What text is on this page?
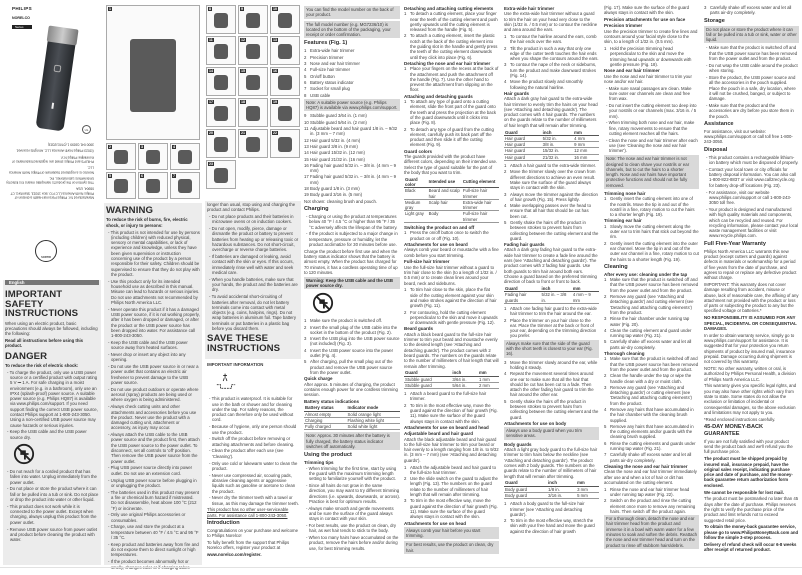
PHILIPS
NORELCO
Series
UL
Manufactured for: Philips Personal Health a division of Philips North America LLC P.O. Box 10313, Stamford, CT 06904, USA
This symbol on the product's nameplate means it is listed by Underwriters Laboratories, Inc.
Norelco is a registered trademark of Philips North America LLC.
PHILIPS and Philips shield are registered trademarks of Koninklijke Philips N.V.
©2023 Philips North America LLC. All rights reserved.
3000 041 02699 1 (07/01/2023)
SORTIR
1
2	3	4
5	6	7
8	9	10
11	12	13
14	15	16
17	18	19
20	21	22
23
English
IMPORTANT SAFETY INSTRUCTIONS
When using an electric product, basic precautions should always be followed, including the following:
Read all instructions before using this product.
DANGER
To reduce the risk of electric shock:
- To charge the product, only use a USB power source or a certified product with output rating 5 V ⎓ 1 A. For safe charging in a moist environment (e.g. in a bathroom), only use an IPX4 (splash-proof) power source. A suitable power source (e.g. Philips HQ87) is available via www.philips.com/support. If you need support finding the correct USB power source, contact Philips support at 1-800-243-3050. Using a non-certified USB power source may cause hazards or serious injuries.
- Keep the USB cable and the USB power source dry.
- Do not reach for a corded product that has fallen into water. Unplug immediately from the power outlet.
- Do not place or store the product where it can fall or be pulled into a tub or sink. Do not place or drop the product into water or other liquid.
- This product does not work while it is connected to the power outlet. Except when charging, always unplug this product from the power outlet.
- Remove USB power source from power outlet and product before cleaning the product with water.
WARNING
To reduce the risk of burns, fire, electric shock, or injury to persons:
- This product is not intended for use by persons (including children) with reduced physical, sensory or mental capabilities, or lack of experience and knowledge, unless they have been given supervision or instruction concerning use of the product by a person responsible for their safety. Children should be supervised to ensure that they do not play with the product.
- Use this product only for its intended household use as described in this manual. Misuse can lead to hazards or serious injuries. Do not use attachments not recommended by Philips North America LLC.
- Never operate this product if it has a damaged USB power source, if it is not working properly, after it has been dropped or damaged, or after the product or the USB power source has been dropped into water. For assistance call 1-800-243-3050.
- Keep the USB cable and the USB power source away from heated surfaces.
- Never drop or insert any object into any opening.
- Do not use the USB power source in or near a power outlet that contains an electric air freshener to prevent damage to the USB power source.
- Do not use product outdoors or operate where aerosol (spray) products are being used or where oxygen is being administered.
- Always check cutting units and other attachments and accessories before you use the product. Never use the product with a damaged cutting unit, attachment or accessory, as injury may occur.
- Always attach the USB cable to the USB power source and the product first, then attach the USB power source to the power outlet. To disconnect, set all controls to 'off' position. Then remove the USB power source from the power outlet.
- Plug USB power source directly into power outlet. Do not use an extension cord.
- Unplug USB power source before plugging in or unplugging the product.
- The batteries used in this product may present a fire or chemical burn hazard if mistreated. Do not disassemble, heat above 100 °C (212 °F) or incinerate.
- Only use original Philips accessories or consumables.
- Charge, use and store the product at a temperature between 40 °F / 4.5 °C and 95 °F / 35 °C.
- Keep product and batteries away from fire and do not expose them to direct sunlight or high temperatures.
- If the product becomes abnormally hot or
longer than usual, stop using and charging the product and contact Philips.
- Do not place products and their batteries in microwave ovens or on induction cookers.
- Do not open, modify, pierce, damage or dismantle the product or battery to prevent batteries from heating up or releasing toxic or hazardous substances. Do not short-circuit, overcharge or reverse charge batteries.
- If batteries are damaged or leaking, avoid contact with the skin or eyes. If this occurs, immediately rinse well with water and seek medical care.
- When you handle batteries, make sure that your hands, the product and the batteries are dry.
- To avoid accidental short-circuiting of batteries after removal, do not let battery terminals come into contact with metal objects (e.g. coins, hairpins, rings). Do not wrap batteries in aluminum foil. Tape battery terminals or put batteries in a plastic bag before you discard them.
SAVE THESE INSTRUCTIONS
IMPORTANT INFORMATION
- This product is waterproof. It is suitable for use in the bath or shower and for cleaning under the tap. For safety reasons, the product can therefore only be used without cord.
- Because of hygiene, only one person should use the product.
- Switch off the product before removing or attaching attachments and before cleaning.
- Clean the product after each use (see 'Cleaning').
- Only use cold or lukewarm water to clean the product.
- Never use compressed air, scouring pads, abrasive cleaning agents or aggressive liquids such as gasoline or acetone to clean the product.
- Never dry the trimmer teeth with a towel or tissue, as this may damage the trimmer teeth.
This product has no other user-serviceable parts. For assistance call 1-800-243-3050.
Introduction
Congratulations on your purchase and welcome to Philips Norelco!
To fully benefit from the support that Philips Norelco offers, register your product at
www.norelco.com/register.
You can find the model number on the back of your product.
The full model number (e.g. MG7236/10) is located on the bottom of the packaging, your receipt or order confirmation.
Features (Fig. 1)
1 Extra-wide hair trimmer
2 Precision trimmer
3 Nose and ear hair trimmer
4 Full-size hair trimmer
5 On/off button
6 Battery status indicator
7 Socket for small plug
8 USB cable
Note: A suitable power source (e.g. Philips HQ87) is available via www.philips.com/support.
9 Stubble guard 3/64 in. (1 mm)
10 Stubble guard 5/64 in. (2 mm)
11 Adjustable beard and hair guard 1/8 in. – 9/32 in. (3 mm – 7 mm)
12 Hair guard 5/32 in. (4 mm)
13 Hair guard 3/8 in. (9 mm)
14 Hair guard 15/32 in. (12 mm)
15 Hair guard 21/32 in. (16 mm)
16 Fading hair guard 5/32 in. – 3/8 in. (4 mm – 9 mm)
17 Fading hair guard 5/32 in. – 3/8 in. (4 mm – 9 mm)
18 Body guard 1/8 in. (3 mm)
19 Body guard 3/16 in. (5 mm)
Not shown: cleaning brush and pouch.
Charging
- Charging or using the product at temperatures below 40 °F / 4.5 °C or higher than 95 °F / 35 °C adversely affects the lifespan of the battery.
- If the product is subjected to a major change in temperature, pressure or humidity, let the product acclimatize for 30 minutes before use.
Charge the product before first use and when the battery status indicator shows that the battery is almost empty. When the product has charged for 70 minutes, it has a cordless operating time of up to 120 minutes.
Warning: Keep the USB cable and the USB power source dry.
1 Make sure the product is switched off.
2 Insert the small plug of the USB cable into the socket in the bottom of the product (Fig. 2).
3 Insert the USB plug into the USB power source (not included) (Fig. 3).
4 Insert the USB power source into the power outlet (Fig. 4).
5 After charging, pull the small plug out of the product and remove the USB power source from the power outlet.
Quick charge
After approx. 5 minutes of charging, the product contains enough power for one cordless trimming session.
Battery status indications
Battery status	Indicator mode
Almost empty	Solid orange light
Charging	Flashing white light
Fully charged	Solid white light
Note: Approx. 30 minutes after the battery is fully charged, the battery status indicator switches off automatically.
Using the product
Trimming tips
- When trimming for the first time, start by using the guard with the maximum trimming length setting to familiarize yourself with the product.
- Since all hairs do not grow in the same direction, you may want to try different trimming directions (i.e. upwards, downwards, or across). Practice is best for optimum results.
- Always make smooth and gentle movements and be sure the surface of the guard always stays in contact with your skin.
- For best results, use the product on clean, dry hair, as wet hair tends to stick to the body.
- When too many hairs have accumulated on the product, remove the hairs before and/or during use, for best trimming results.
Detaching and attaching cutting elements
1 To detach a cutting element, place your finger near the teeth of the cutting element and push gently upwards until the cutting element is released from the handle (Fig. 5).
2 To attach a cutting element, insert the plastic notch at the back of the cutting element into the guiding slot in the handle and gently press the teeth of the cutting element downwards until they click into place (Fig. 6).
Detaching the nose and ear hair trimmer
1 Place your fingers on the recess at the back of the attachment and push the attachment off the handle (Fig. 7). Use the other hand to prevent the attachment from slipping on the floor.
Attaching and detaching guards
1 To attach any type of guard onto a cutting element, slide the front part of the guard onto the teeth and press the projection at the back of the guard downwards until it clicks into place (Fig. 8).
2 To detach any type of guard from the cutting element, carefully push its back part off the product and then slide it off the cutting element (Fig. 9).
Guard colors
The guards provided with the product have different colors, depending on their intended use. Select the type of guard suitable for the part of the body that you want to trim.
Guard color	Intended use	Cutting element
Black	Beard and scalp hair	Full-size hair trimmer
Medium gray	Scalp hair	Extra-wide hair trimmer
Light gray	Body	Full-size hair trimmer
Switching the product on and off
1 Press the on/off button once to switch the product on or off (Fig. 10).
Attachments for use on beard
Always comb your beard or moustache with a fine comb before you start trimming.
Full-size hair trimmer
Use the full-size hair trimmer without a guard to trim hair close to the skin (to a length of 1/32 in. / 0.5 mm) or to create clean lines around your beard, neck and sideburns.
1 To trim hair close to the skin, place the flat side of the cutting element against your skin and make strokes against the direction of hair growth (Fig. 11).
2 For contouring, hold the cutting element perpendicular to the skin and move it upwards or downwards with gentle pressure (Fig. 12).
Beard guards
Attach a black beard guard to the full-size hair trimmer to trim your beard and moustache evenly to the desired length (see 'Attaching and detaching guards'). The product comes with 2 beard guards. The numbers on the guards relate to the number of millimeters of hair length that will remain after trimming.
Guard	inch	mm
Stubble guard	3/64 in.	1 mm
Stubble guard	5/64 in.	2 mm
1 Attach a beard guard to the full-size hair trimmer.
2 To trim in the most effective way, move the guard against the direction of hair growth (Fig. 11). Make sure the surface of the guard always stays in contact with the skin.
Attachments for use on beard and head
Adjustable beard and hair guard
Attach the black adjustable beard and hair guard to the full-size hair trimmer to trim your beard or hair evenly to a length ranging from 1/8 in. to 9/32 in. (3 mm – 7 mm) (see 'Attaching and detaching guards').
1 Attach the adjustable beard and hair guard to the full-size hair trimmer.
2 Use the slide switch on the guard to adjust the length (Fig. 13). The numbers on the guard relate to the number of millimeters of hair length that will remain after trimming.
3 To trim in the most effective way, move the guard against the direction of hair growth (Fig. 11). Make sure the surface of the guard always stays in contact with the skin.
Attachments for use on head
Always comb your hair before you start trimming.
For best results, use the product on clean, dry hair.
Extra-wide hair trimmer
Use the extra-wide hair trimmer without a guard to trim the hair on your head very close to the skin (1/32 in. / 0.5 mm) or to contour the neckline and area around the ears.
1 To contour the hairline around the ears, comb the hair ends over the ears.
2 Tilt the product in such a way that only one edge of the cutter teeth touches the hair ends when you shape the contours around the ears.
3 To contour the nape of the neck or sideburns, turn the product and make downward strokes (Fig. 14).
4 Move the product slowly and smoothly following the natural hairline.
Hair guards
Attach a dark gray hair guard to the extra-wide hair trimmer to evenly trim the hairs on your head (see 'Attaching and detaching guards'). The product comes with 4 hair guards. The numbers on the guards relate to the number of millimeters of hair length that will remain after trimming.
Guard	inch	mm
Hair guard	5/32 in.	4 mm
Hair guard	3/8 in.	9 mm
Hair guard	15/32 in.	12 mm
Hair guard	21/32 in.	16 mm
1 Attach a hair guard to the extra-wide trimmer.
2 Move the trimmer slowly over the crown from different directions to achieve an even result. Make sure the surface of the guard always stays in contact with the skin.
3 Always move the trimmer against the direction of hair growth (Fig. 15). Press lightly.
4 Make overlapping passes over the head to ensure that all hair that should be cut has been cut.
5 Gently shake the hairs off the product in between strokes to prevent hairs from collecting between the cutting element and the guard.
Fading hair guards
Attach a dark gray fading hair guard to the extra-wide hair trimmer to create a fade line around the ears (see 'Attaching and detaching guards'). The product comes with 2 fading hair guards. Use both guards to trim hair around both ears. Choose a guard based on the preferred trimming direction of back to front or front to back.
Guard	inch	mm
Fading hair guards	5/32 in. – 3/8 in.	4 mm – 9 mm
1 Attach one fading hair guard to the extra-wide hair trimmer to trim the hair around the ear.
2 Place the trimmer on your hair close to the ear. Place the trimmer at the back or front of your ear, depending on the trimming direction you prefer.
Always make sure that the side of the guard with the short teeth is closest to your ear (Fig. 16).
3 Move the trimmer slowly around the ear, while holding it steady.
4 Repeat the movement several times around one ear to make sure that all the hair that should be cut has been cut to a fade. Then attach the other fading hair guard to trim the hair around the other ear.
5 Gently shake the hairs off the product in between strokes to prevent hairs from collecting between the cutting element and the guard.
Attachments for use on body
Always use a body guard when you trim sensitive areas.
Body guards
Attach a light gray body guard to the full-size hair trimmer to trim hairs below the neckline (see 'Attaching and detaching guards'). The product comes with 2 body guards. The numbers on the guards relate to the number of millimeters of hair length that will remain after trimming.
Guard	inch	mm
Body guard	1/8 in.	3 mm
Body guard	3/16 in.	5 mm
1 Attach a body guard to the full-size hair trimmer (see 'Attaching and detaching guards').
2 To trim in the most effective way, stretch the skin with your free hand and move the guard against the direction of hair growth
(Fig. 17). Make sure the surface of the guard always stays in contact with the skin.
Precision attachments for use on face
Precision trimmer
Use the precision trimmer to create fine lines and contours around your facial style close to the skin, to a length of 1/32 in. (0.5 mm).
1 Hold the precision trimming head perpendicular to the skin and move the trimming head upwards or downwards with gentle pressure (Fig. 18).
Nose and ear hair trimmer
Use the nose and ear hair trimmer to trim your nose and/or ear hair.
- Make sure nasal passages are clean. Make sure outer ear channels are clean and free from wax.
- Do not insert the cutting element too deep into your nostrils or ear channels (max. 3/16 in. / 5 mm).
- When trimming both nose and ear hair, make fine, rotary movements to ensure that the cutting element reaches all the hairs.
- Clean the nose and ear hair trimmer after each use (see 'Cleaning the nose and ear hair trimmer').
Note: The nose and ear hair trimmer is not designed to clean shave your nostrils or ear channels, but to cut the hairs to a shorter length. Nose and ear hairs have important protective functions and should not be fully removed.
Trimming nose hair
1 Gently insert the cutting element into one of the nostrils. Move the tip in and out of the nostril in a fine, rotary motion to cut the hairs to a shorter length (Fig. 19).
Trimming ear hair
1 Slowly move the cutting element along the outer ear to trim hairs that stick out beyond the rim.
2 Gently insert the cutting element into the outer ear channel. Move the tip in and out of the outer ear channel in a fine, rotary motion to cut the hairs to a shorter length (Fig. 19).
Cleaning
After every use: cleaning under the tap
1 Make sure that the product is switched off and that the USB power source has been removed from the power outlet and from the product.
2 Remove any guard (see 'Attaching and detaching guards') and cutting element (see 'Detaching and attaching cutting elements') from the product.
3 Rinse the hair chamber under running tap water (Fig. 20).
4 Clean the cutting element and guard under running tap water (Fig. 21).
5 Carefully shake off excess water and let all parts air-dry completely.
Thorough cleaning
1 Make sure that the product is switched off and that the USB power source has been removed from the power outlet and from the product.
2 Clean the handle under the tap or wipe the handle clean with a dry or moist cloth.
3 Remove any guard (see 'Attaching and detaching guards') or cutting element (see 'Detaching and attaching cutting elements') from the product.
4 Remove any hairs that have accumulated in the hair chamber with the cleaning brush supplied.
5 Remove any hairs that have accumulated in the cutting elements and/or guards with the cleaning brush supplied.
6 Rinse the cutting elements and guards under running tap water (Fig. 21).
7 Carefully shake off excess water and let all parts air-dry completely.
Cleaning the nose and ear hair trimmer
Clean the nose and ear hair trimmer immediately after use and when a lot of hair or dirt has accumulated on the cutting element.
1 Rinse the nose and ear hair trimmer head under running tap water (Fig. 22).
2 Switch on the product and rinse the cutting element once more to remove any remaining hairs. Then switch off the product again.
For a thorough clean, detach the nose and ear hair trimmer head from the product and immerse it in a bowl with warm water for a few minutes to soak and soften the debris. Reattach the nose and ear trimmer head and turn on the product to rinse off stubborn hairs/debris.
3 Carefully shake off excess water and let all parts air-dry completely.
Storage
Do not place or store the product where it can fall or be pulled into a tub or sink, water or other liquid.
- Make sure that the product is switched off and that the USB power source has been removed from the power outlet and from the product.
- Do not wrap the USB cable around the product when storing.
- Store the product, the USB power source and all the accessories in the pouch supplied. Place the pouch in a safe, dry location, where it will not be crushed, banged, or subject to damage.
- Make sure that the product and the accessories are dry before you store them in the pouch.
Assistance
For assistance, visit our website: www.philips.com/support or call toll free 1-800-243-3050.
Disposal
- This product contains a rechargeable lithium-ion battery which must be disposed of properly.
- Contact your local town or city officials for battery disposal information. You can also call 1-800-822-8837 or visit www.call2recycle.org for battery drop-off locations (Fig. 23).
- For assistance, visit our website www.philips.com/support or call 1-800-243-3050 toll free.
- Your product is designed and manufactured with high quality materials and components, which can be recycled and reused. For recycling information, please contact your local waste management facilities or visit www.recycle.philips.com.
Full Five-Year Warranty
Philips North America LLC warrants this new product (except cutters and guards) against defects in materials or workmanship for a period of five years from the date of purchase, and agrees to repair or replace any defective product without charge.
IMPORTANT: This warranty does not cover damage resulting from accident, misuse or abuse, lack of reasonable care, the affixing of any attachment not provided with the product or loss of parts or subjecting the product to any but the specified voltage or batteries.*
NO RESPONSIBILITY IS ASSUMED FOR ANY SPECIAL, INCIDENTAL OR CONSEQUENTIAL DAMAGES.
In order to obtain warranty service, simply go to www.philips.com/support for assistance. It is suggested that for your protection you return shipments of product by insured mail, insurance prepaid. Damage occurring during shipment is not covered by this warranty.
NOTE: No other warranty, written or oral, is authorized by Philips Personal Health, a division of Philips North America LLC.
This warranty gives you specific legal rights, and you may also have other rights which vary from state to state. Some states do not allow the exclusion or limitation of incidental or consequential damages, so the above exclusion and limitations may not apply to you.
*Read enclosed instructions carefully.
45-DAY MONEY-BACK GUARANTEE
If you are not fully satisfied with your product send the product back and we'll refund you the full purchase price.
The product must be shipped prepaid by insured mail, insurance prepaid, have the original sales receipt, indicating purchase price and date of purchase, and the money-back guarantee return authorization form enclosed.
We cannot be responsible for lost mail.
The product must be postmarked no later than 45 days after the date of purchase. Philips reserves the right to verify the purchase price of the product and limit refunds not to exceed suggested retail price.
To obtain the money-back guarantee service, please go to www.PhilipsMoneyBack.com and follow the simple 3-step process.
Delivery of refund check will occur 6-8 weeks after receipt of returned product.
